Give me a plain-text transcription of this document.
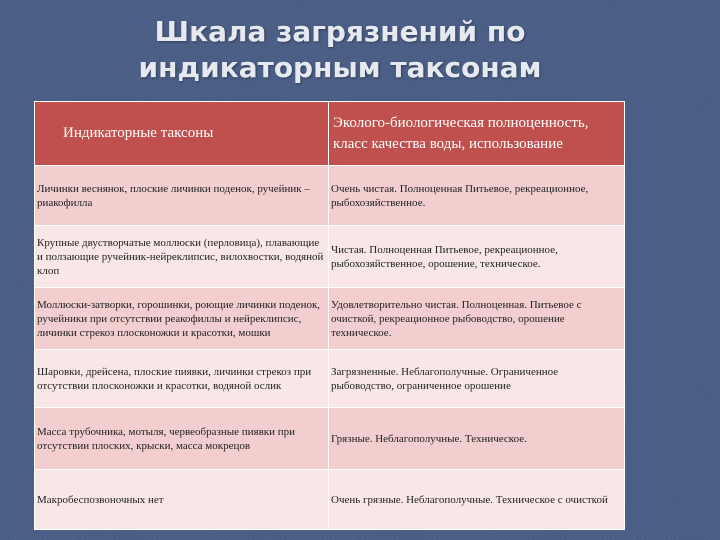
Шкала загрязнений по
индикаторным таксонам
Индикаторные таксоны	Эколого-биологическая полноценность, класс качества воды, использование
Личинки веснянок, плоские личинки поденок, ручейник – риакофилла	Очень чистая. Полноценная Питьевое, рекреационное, рыбохозяйственное.
Крупные двустворчатые моллюски (перловица), плавающие и ползающие ручейник-нейреклипсис, вилохвостки, водяной клоп	Чистая. Полноценная Питьевое, рекреационное, рыбохозяйственное, орошение, техническое.
Моллюски-затворки, горошинки, роющие личинки поденок, ручейники при отсутствии реакофиллы и нейреклипсис, личинки стрекоз плосконожки и красотки, мошки	Удовлетворительно чистая. Полноценная. Питьевое с очисткой, рекреационное рыбоводство, орошение техническое.
Шаровки, дрейсена, плоские пиявки, личинки стрекоз при отсутствии плосконожки и красотки, водяной ослик	Загрязненные. Неблагополучные. Ограниченное рыбоводство, ограниченное орошение
Масса трубочника, мотыля, червеобразные пиявки при отсутствии плоских, крыски, масса мокрецов	Грязные. Неблагополучные. Техническое.
Макробеспозвоночных нет	Очень грязные. Неблагополучные. Техническое с очисткой
